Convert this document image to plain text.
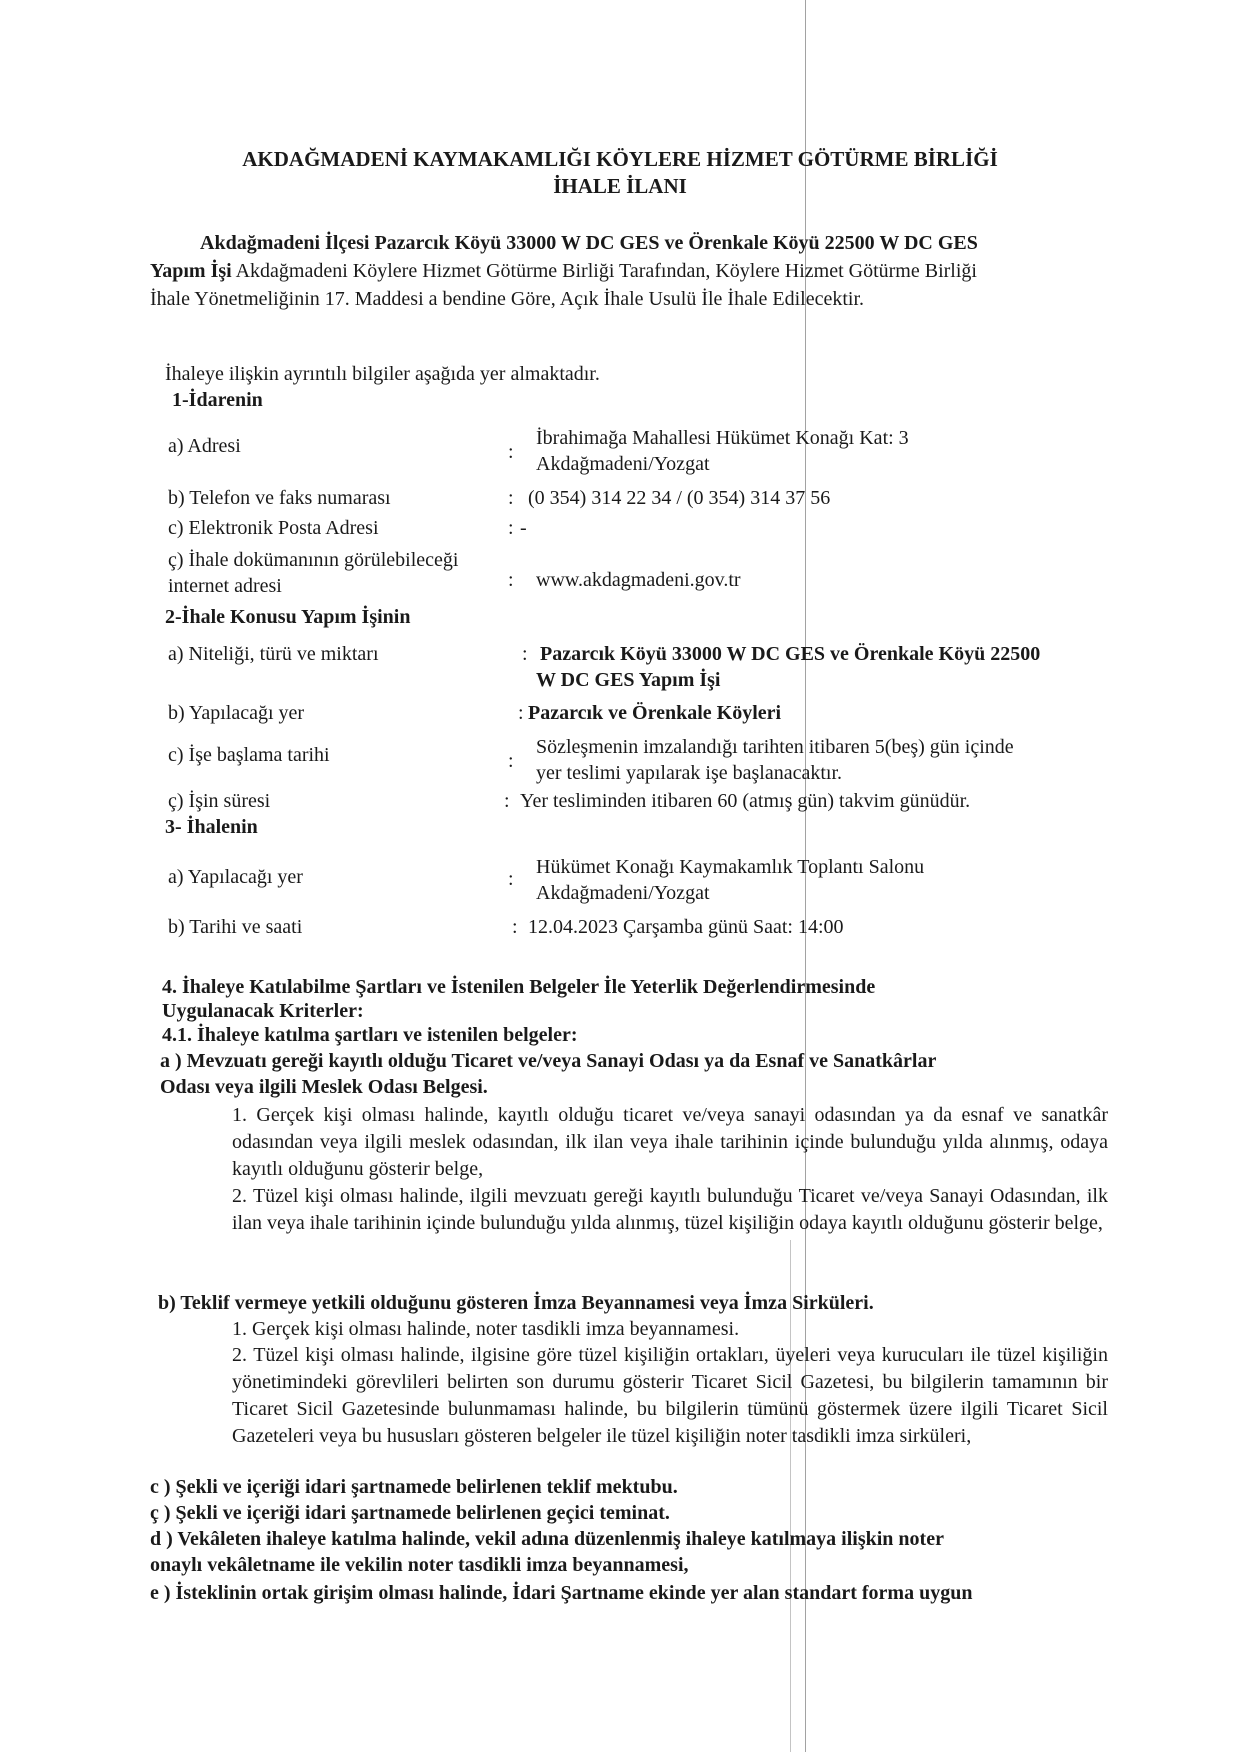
AKDAĞMADENİ KAYMAKAMLIĞI KÖYLERE HİZMET GÖTÜRME BİRLİĞİ
İHALE İLANI
Akdağmadeni İlçesi Pazarcık Köyü 33000 W DC GES ve Örenkale Köyü 22500 W DC GES
Yapım İşi Akdağmadeni Köylere Hizmet Götürme Birliği Tarafından, Köylere Hizmet Götürme Birliği
İhale Yönetmeliğinin 17. Maddesi a bendine Göre, Açık İhale Usulü İle İhale Edilecektir.
İhaleye ilişkin ayrıntılı bilgiler aşağıda yer almaktadır.
1-İdarenin
a) Adresi	:
İbrahimağa Mahallesi Hükümet Konağı Kat: 3
Akdağmadeni/Yozgat
b) Telefon ve faks numarası	: (0 354) 314 22 34 / (0 354) 314 37 56
c) Elektronik Posta Adresi	: -
ç) İhale dokümanının görülebileceği
internet adresi	:	www.akdagmadeni.gov.tr
2-İhale Konusu Yapım İşinin
a) Niteliği, türü ve miktarı	: Pazarcık Köyü 33000 W DC GES ve Örenkale Köyü 22500
W DC GES Yapım İşi
b) Yapılacağı yer	: Pazarcık ve Örenkale Köyleri
c) İşe başlama tarihi	:
Sözleşmenin imzalandığı tarihten itibaren 5(beş) gün içinde
yer teslimi yapılarak işe başlanacaktır.
ç) İşin süresi	: Yer tesliminden itibaren 60 (atmış gün) takvim günüdür.
3- İhalenin
a) Yapılacağı yer	:
Hükümet Konağı Kaymakamlık Toplantı Salonu
Akdağmadeni/Yozgat
b) Tarihi ve saati	: 12.04.2023 Çarşamba günü Saat: 14:00
4. İhaleye Katılabilme Şartları ve İstenilen Belgeler İle Yeterlik Değerlendirmesinde
Uygulanacak Kriterler:
4.1. İhaleye katılma şartları ve istenilen belgeler:
a ) Mevzuatı gereği kayıtlı olduğu Ticaret ve/veya Sanayi Odası ya da Esnaf ve Sanatkârlar
Odası veya ilgili Meslek Odası Belgesi.
1. Gerçek kişi olması halinde, kayıtlı olduğu ticaret ve/veya sanayi odasından ya da esnaf ve sanatkâr odasından veya ilgili meslek odasından, ilk ilan veya ihale tarihinin içinde bulunduğu yılda alınmış, odaya kayıtlı olduğunu gösterir belge,
2. Tüzel kişi olması halinde, ilgili mevzuatı gereği kayıtlı bulunduğu Ticaret ve/veya Sanayi Odasından, ilk ilan veya ihale tarihinin içinde bulunduğu yılda alınmış, tüzel kişiliğin odaya kayıtlı olduğunu gösterir belge,
b) Teklif vermeye yetkili olduğunu gösteren İmza Beyannamesi veya İmza Sirküleri.
1. Gerçek kişi olması halinde, noter tasdikli imza beyannamesi.
2. Tüzel kişi olması halinde, ilgisine göre tüzel kişiliğin ortakları, üyeleri veya kurucuları ile tüzel kişiliğin yönetimindeki görevlileri belirten son durumu gösterir Ticaret Sicil Gazetesi, bu bilgilerin tamamının bir Ticaret Sicil Gazetesinde bulunmaması halinde, bu bilgilerin tümünü göstermek üzere ilgili Ticaret Sicil Gazeteleri veya bu hususları gösteren belgeler ile tüzel kişiliğin noter tasdikli imza sirküleri,
c ) Şekli ve içeriği idari şartnamede belirlenen teklif mektubu.
ç ) Şekli ve içeriği idari şartnamede belirlenen geçici teminat.
d ) Vekâleten ihaleye katılma halinde, vekil adına düzenlenmiş ihaleye katılmaya ilişkin noter
onaylı vekâletname ile vekilin noter tasdikli imza beyannamesi,
e ) İsteklinin ortak girişim olması halinde, İdari Şartname ekinde yer alan standart forma uygun
